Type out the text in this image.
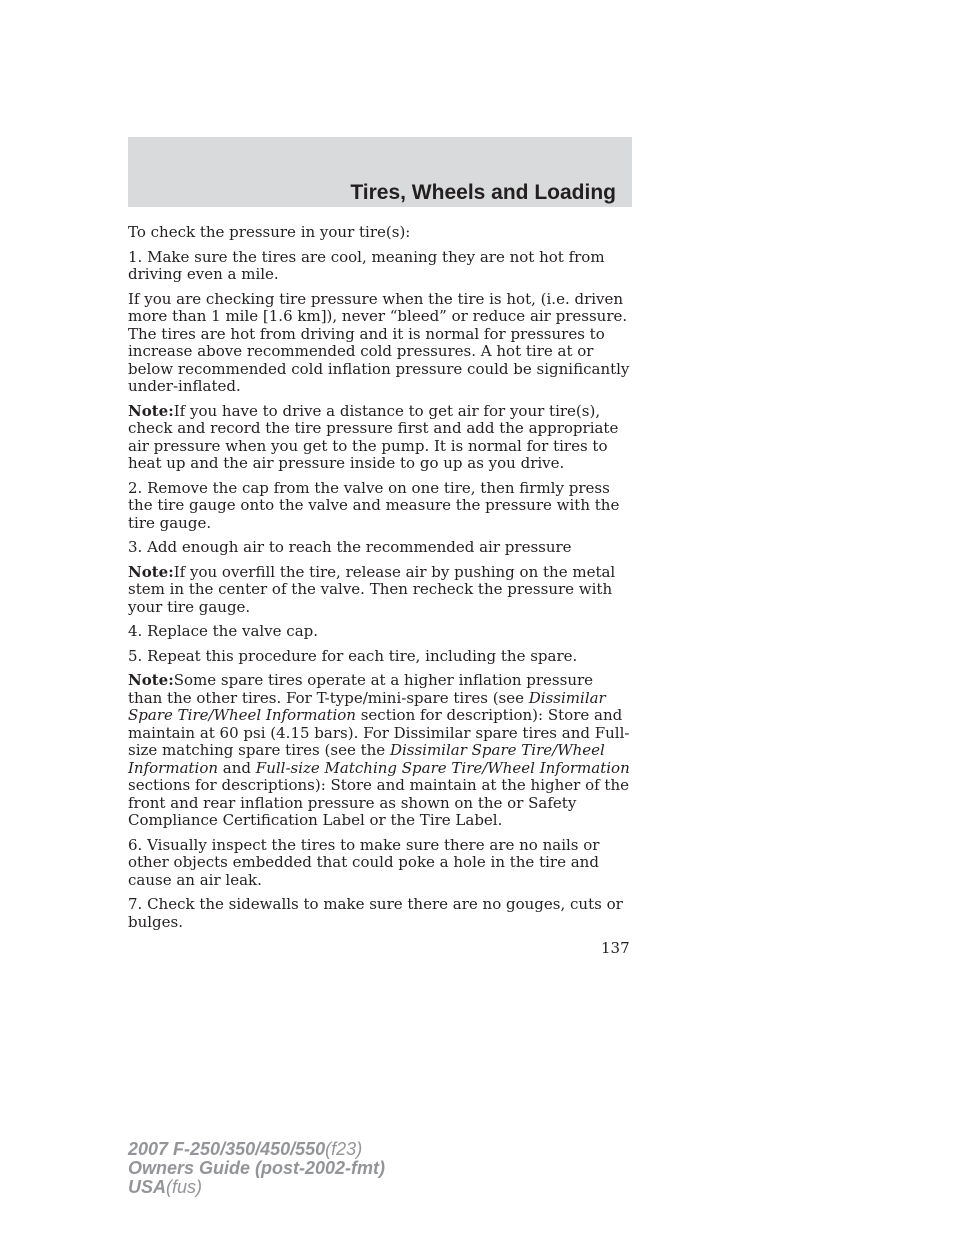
Tires, Wheels and Loading

To check the pressure in your tire(s):

1. Make sure the tires are cool, meaning they are not hot from driving even a mile.

If you are checking tire pressure when the tire is hot, (i.e. driven more than 1 mile [1.6 km]), never “bleed” or reduce air pressure. The tires are hot from driving and it is normal for pressures to increase above recommended cold pressures. A hot tire at or below recommended cold inflation pressure could be significantly under-inflated.

Note:If you have to drive a distance to get air for your tire(s), check and record the tire pressure first and add the appropriate air pressure when you get to the pump. It is normal for tires to heat up and the air pressure inside to go up as you drive.

2. Remove the cap from the valve on one tire, then firmly press the tire gauge onto the valve and measure the pressure with the tire gauge.

3. Add enough air to reach the recommended air pressure

Note:If you overfill the tire, release air by pushing on the metal stem in the center of the valve. Then recheck the pressure with your tire gauge.

4. Replace the valve cap.

5. Repeat this procedure for each tire, including the spare.

Note:Some spare tires operate at a higher inflation pressure than the other tires. For T-type/mini-spare tires (see Dissimilar Spare Tire/Wheel Information section for description): Store and maintain at 60 psi (4.15 bars). For Dissimilar spare tires and Full-size matching spare tires (see the Dissimilar Spare Tire/Wheel Information and Full-size Matching Spare Tire/Wheel Information sections for descriptions): Store and maintain at the higher of the front and rear inflation pressure as shown on the or Safety Compliance Certification Label or the Tire Label.

6. Visually inspect the tires to make sure there are no nails or other objects embedded that could poke a hole in the tire and cause an air leak.

7. Check the sidewalls to make sure there are no gouges, cuts or bulges.

137
2007 F-250/350/450/550(f23)
Owners Guide (post-2002-fmt)
USA(fus)
